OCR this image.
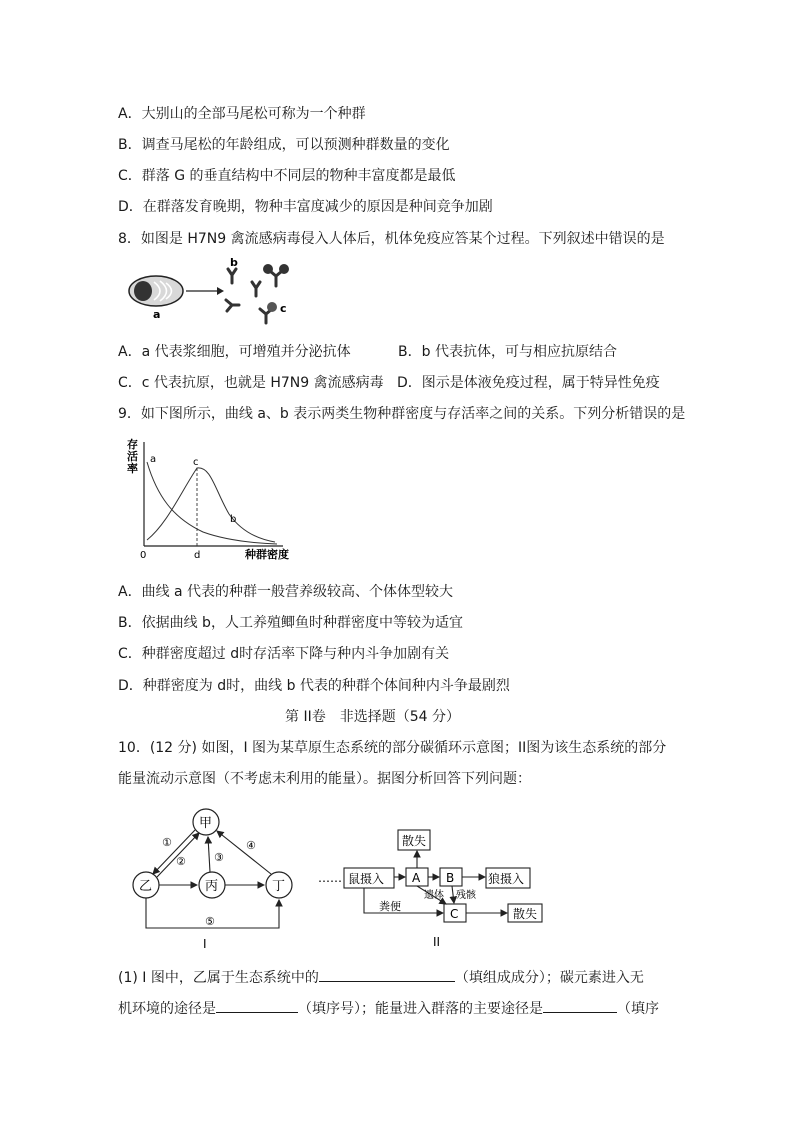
A．大别山的全部马尾松可称为一个种群
B．调查马尾松的年龄组成，可以预测种群数量的变化
C．群落 G 的垂直结构中不同层的物种丰富度都是最低
D．在群落发育晚期，物种丰富度减少的原因是种间竞争加剧
8．如图是 H7N9 禽流感病毒侵入人体后，机体免疫应答某个过程。下列叙述中错误的是
a
b
c
A．a 代表浆细胞，可增殖并分泌抗体	B．b 代表抗体，可与相应抗原结合
C．c 代表抗原，也就是 H7N9 禽流感病毒 D．图示是体液免疫过程，属于特异性免疫
9．如下图所示，曲线 a、b 表示两类生物种群密度与存活率之间的关系。下列分析错误的是
存
活
率
a	c
b
0	d	种群密度
A．曲线 a 代表的种群一般营养级较高、个体体型较大
B．依据曲线 b，人工养殖鲫鱼时种群密度中等较为适宜
C．种群密度超过 d时存活率下降与种内斗争加剧有关
D．种群密度为 d时，曲线 b 代表的种群个体间种内斗争最剧烈
第 II卷　非选择题（54 分）
10．(12 分) 如图，I 图为某草原生态系统的部分碳循环示意图；II图为该生态系统的部分
能量流动示意图（不考虑未利用的能量）。据图分析回答下列问题：
甲
乙	丙	丁
①
②	③
④
⑤
I
……
散失
鼠摄入 A B	狼摄入
C	散失
粪便
遗体 残骸
II
(1) I 图中，乙属于生态系统中的	（填组成成分）；碳元素进入无
机环境的途径是	（填序号）；能量进入群落的主要途径是	（填序
